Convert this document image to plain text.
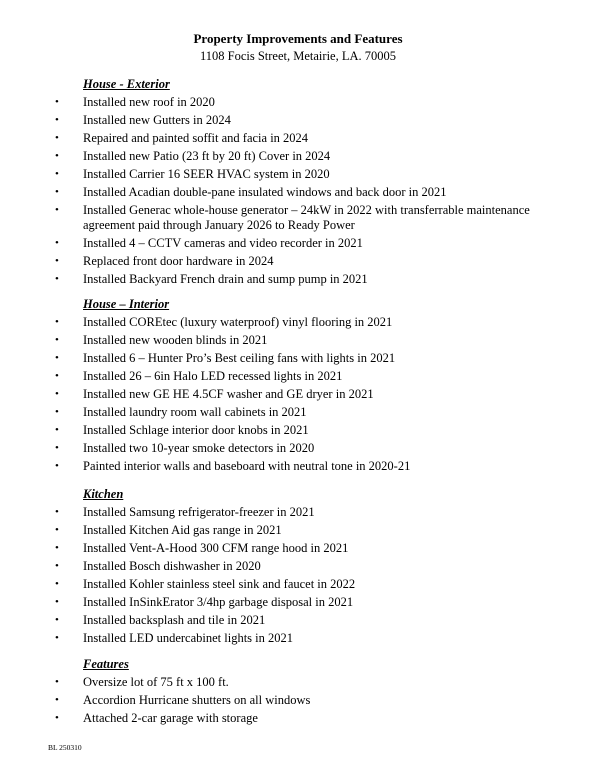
Property Improvements and Features
1108 Focis Street, Metairie, LA. 70005
House - Exterior
• Installed new roof in 2020
• Installed new Gutters in 2024
• Repaired and painted soffit and facia in 2024
• Installed new Patio (23 ft by 20 ft) Cover in 2024
• Installed Carrier 16 SEER HVAC system in 2020
• Installed Acadian double-pane insulated windows and back door in 2021
• Installed Generac whole-house generator – 24kW in 2022 with transferrable maintenance agreement paid through January 2026 to Ready Power
• Installed 4 – CCTV cameras and video recorder in 2021
• Replaced front door hardware in 2024
• Installed Backyard French drain and sump pump in 2021
House – Interior
• Installed COREtec (luxury waterproof) vinyl flooring in 2021
• Installed new wooden blinds in 2021
• Installed 6 – Hunter Pro’s Best ceiling fans with lights in 2021
• Installed 26 – 6in Halo LED recessed lights in 2021
• Installed new GE HE 4.5CF washer and GE dryer in 2021
• Installed laundry room wall cabinets in 2021
• Installed Schlage interior door knobs in 2021
• Installed two 10-year smoke detectors in 2020
• Painted interior walls and baseboard with neutral tone in 2020-21
Kitchen
• Installed Samsung refrigerator-freezer in 2021
• Installed Kitchen Aid gas range in 2021
• Installed Vent-A-Hood 300 CFM range hood in 2021
• Installed Bosch dishwasher in 2020
• Installed Kohler stainless steel sink and faucet in 2022
• Installed InSinkErator 3/4hp garbage disposal in 2021
• Installed backsplash and tile in 2021
• Installed LED undercabinet lights in 2021
Features
• Oversize lot of 75 ft x 100 ft.
• Accordion Hurricane shutters on all windows
• Attached 2-car garage with storage
BL 250310
